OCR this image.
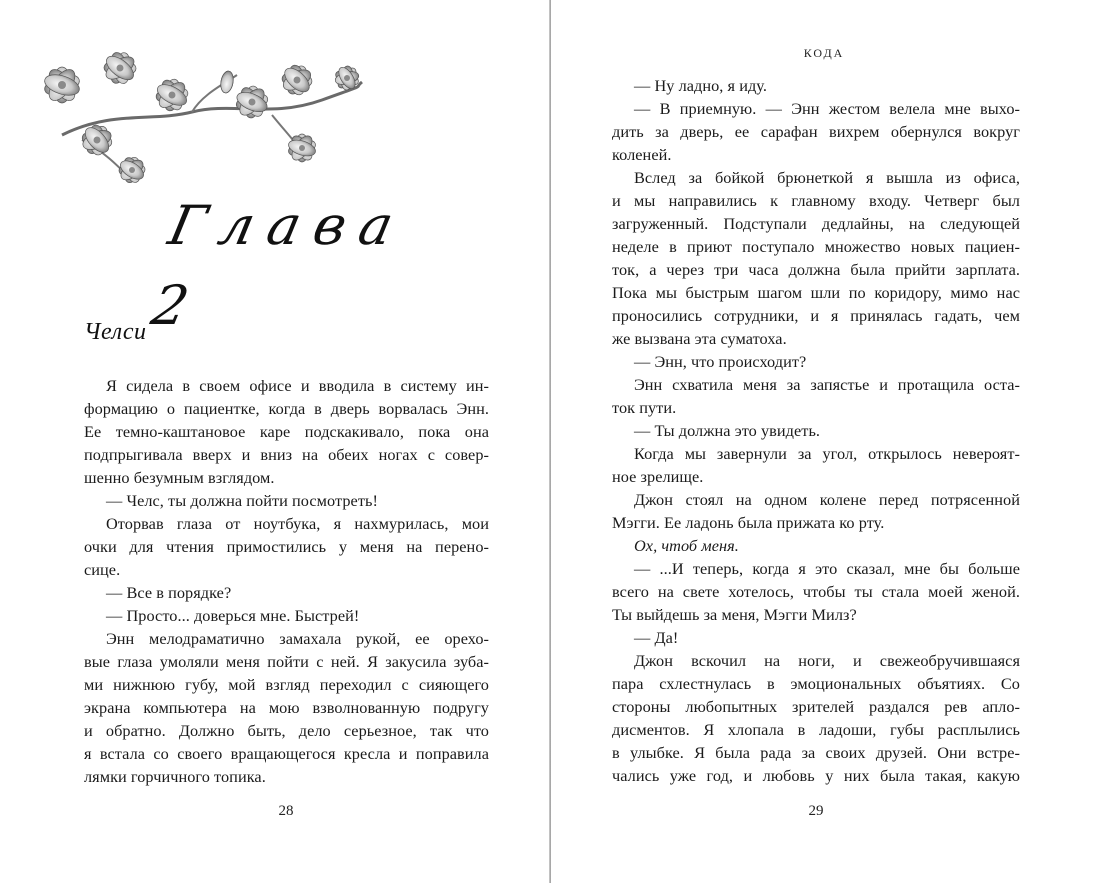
Глава 2
Челси
Я сидела в своем офисе и вводила в систему ин-
формацию о пациентке, когда в дверь ворвалась Энн.
Ее темно-каштановое каре подскакивало, пока она
подпрыгивала вверх и вниз на обеих ногах с совер-
шенно безумным взглядом.
— Челс, ты должна пойти посмотреть!
Оторвав глаза от ноутбука, я нахмурилась, мои
очки для чтения примостились у меня на перено-
сице.
— Все в порядке?
— Просто... доверься мне. Быстрей!
Энн мелодраматично замахала рукой, ее орехо-
вые глаза умоляли меня пойти с ней. Я закусила зуба-
ми нижнюю губу, мой взгляд переходил с сияющего
экрана компьютера на мою взволнованную подругу
и обратно. Должно быть, дело серьезное, так что
я встала со своего вращающегося кресла и поправила
лямки горчичного топика.
28
КОДА
— Ну ладно, я иду.
— В приемную. — Энн жестом велела мне выхо-
дить за дверь, ее сарафан вихрем обернулся вокруг
коленей.
Вслед за бойкой брюнеткой я вышла из офиса,
и мы направились к главному входу. Четверг был
загруженный. Подступали дедлайны, на следующей
неделе в приют поступало множество новых пациен-
ток, а через три часа должна была прийти зарплата.
Пока мы быстрым шагом шли по коридору, мимо нас
проносились сотрудники, и я принялась гадать, чем
же вызвана эта суматоха.
— Энн, что происходит?
Энн схватила меня за запястье и протащила оста-
ток пути.
— Ты должна это увидеть.
Когда мы завернули за угол, открылось невероят-
ное зрелище.
Джон стоял на одном колене перед потрясенной
Мэгги. Ее ладонь была прижата ко рту.
Ох, чтоб меня.
— ...И теперь, когда я это сказал, мне бы больше
всего на свете хотелось, чтобы ты стала моей женой.
Ты выйдешь за меня, Мэгги Милз?
— Да!
Джон вскочил на ноги, и свежеобручившаяся
пара схлестнулась в эмоциональных объятиях. Со
стороны любопытных зрителей раздался рев апло-
дисментов. Я хлопала в ладоши, губы расплылись
в улыбке. Я была рада за своих друзей. Они встре-
чались уже год, и любовь у них была такая, какую
29
